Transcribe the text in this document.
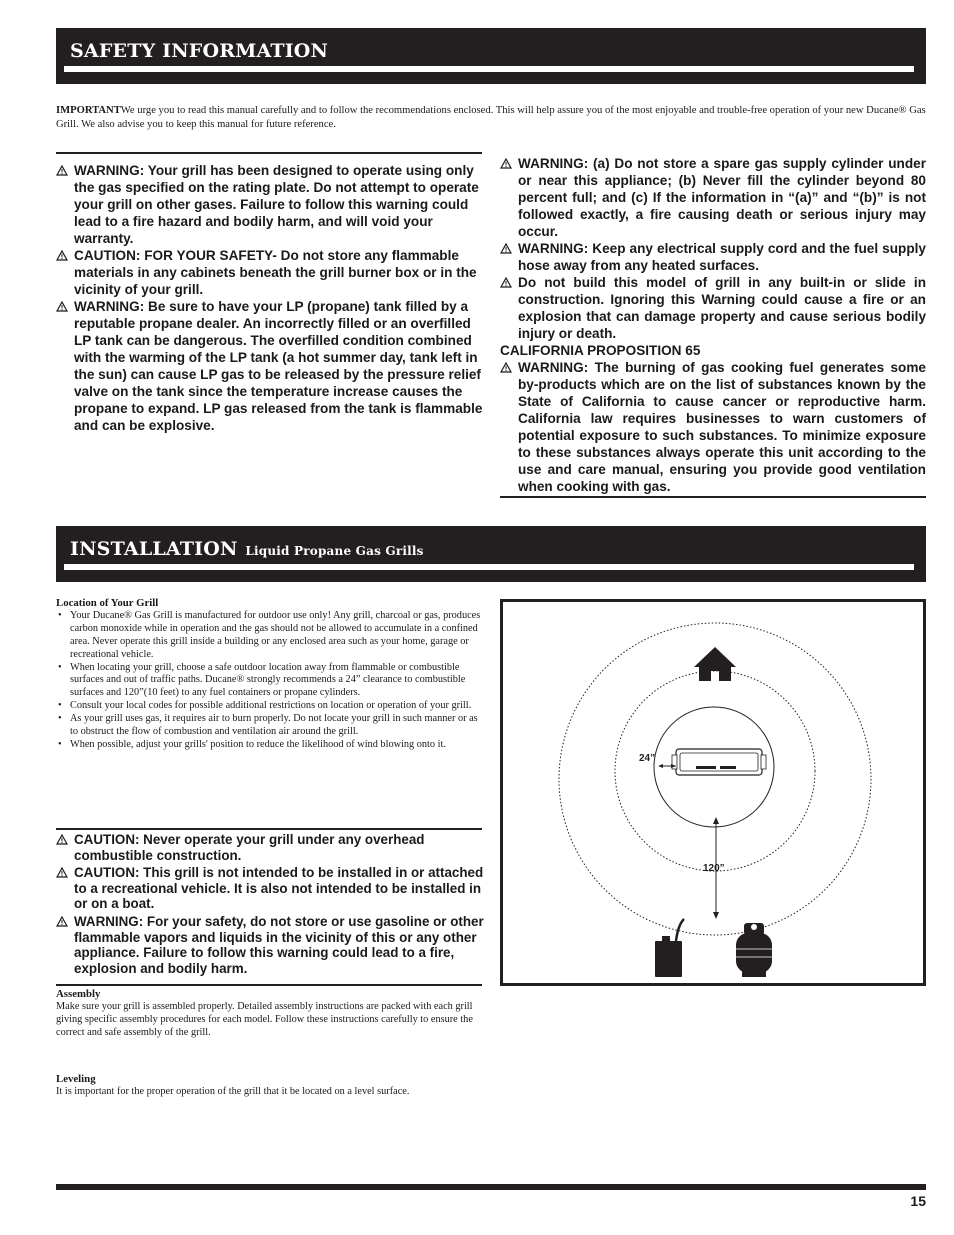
SAFETY INFORMATION
IMPORTANTWe urge you to read this manual carefully and to follow the recommendations enclosed. This will help assure you of the most enjoyable and trouble-free operation of your new Ducane® Gas Grill. We also advise you to keep this manual for future reference.

WARNING: Your grill has been designed to operate using only the gas specified on the rating plate. Do not attempt to operate your grill on other gases. Failure to follow this warning could lead to a fire hazard and bodily harm, and will void your warranty.

CAUTION: FOR YOUR SAFETY- Do not store any flammable materials in any cabinets beneath the grill burner box or in the vicinity of your grill.

WARNING: Be sure to have your LP (propane) tank filled by a reputable propane dealer. An incorrectly filled or an overfilled LP tank can be dangerous. The overfilled condition combined with the warming of the LP tank (a hot summer day, tank left in the sun) can cause LP gas to be released by the pressure relief valve on the tank since the temperature increase causes the propane to expand. LP gas released from the tank is flammable and can be explosive.

WARNING: (a) Do not store a spare gas supply cylinder under or near this appliance; (b) Never fill the cylinder beyond 80 percent full; and (c) If the information in “(a)” and “(b)” is not followed exactly, a fire causing death or serious injury may occur.

WARNING: Keep any electrical supply cord and the fuel supply hose away from any heated surfaces.

Do not build this model of grill in any built-in or slide in construction. Ignoring this Warning could cause a fire or an explosion that can damage property and cause serious bodily injury or death.

CALIFORNIA PROPOSITION 65

WARNING: The burning of gas cooking fuel generates some by-products which are on the list of substances known by the State of California to cause cancer or reproductive harm. California law requires businesses to warn customers of potential exposure to such substances. To minimize exposure to these substances always operate this unit according to the use and care manual, ensuring you provide good ventilation when cooking with gas.

INSTALLATION Liquid Propane Gas Grills
Location of Your Grill
• Your Ducane® Gas Grill is manufactured for outdoor use only! Any grill, charcoal or gas, produces carbon monoxide while in operation and the gas should not be allowed to accumulate in a confined area. Never operate this grill inside a building or any enclosed area such as your home, garage or recreational vehicle.
• When locating your grill, choose a safe outdoor location away from flammable or combustible surfaces and out of traffic paths. Ducane® strongly recommends a 24” clearance to combustible surfaces and 120”(10 feet) to any fuel containers or propane cylinders.
• Consult your local codes for possible additional restrictions on location or operation of your grill.
• As your grill uses gas, it requires air to burn properly. Do not locate your grill in such manner or as to obstruct the flow of combustion and ventilation air around the grill.
• When possible, adjust your grills' position to reduce the likelihood of wind blowing onto it.

CAUTION: Never operate your grill under any overhead combustible construction.

CAUTION: This grill is not intended to be installed in or attached to a recreational vehicle. It is also not intended to be installed in or on a boat.

WARNING: For your safety, do not store or use gasoline or other flammable vapors and liquids in the vicinity of this or any other appliance. Failure to follow this warning could lead to a fire, explosion and bodily harm.

Assembly

Make sure your grill is assembled properly. Detailed assembly instructions are packed with each grill giving specific assembly procedures for each model. Follow these instructions carefully to ensure the correct and safe assembly of the grill.

Leveling

It is important for the proper operation of the grill that it be located on a level surface.

24”
120”
15
